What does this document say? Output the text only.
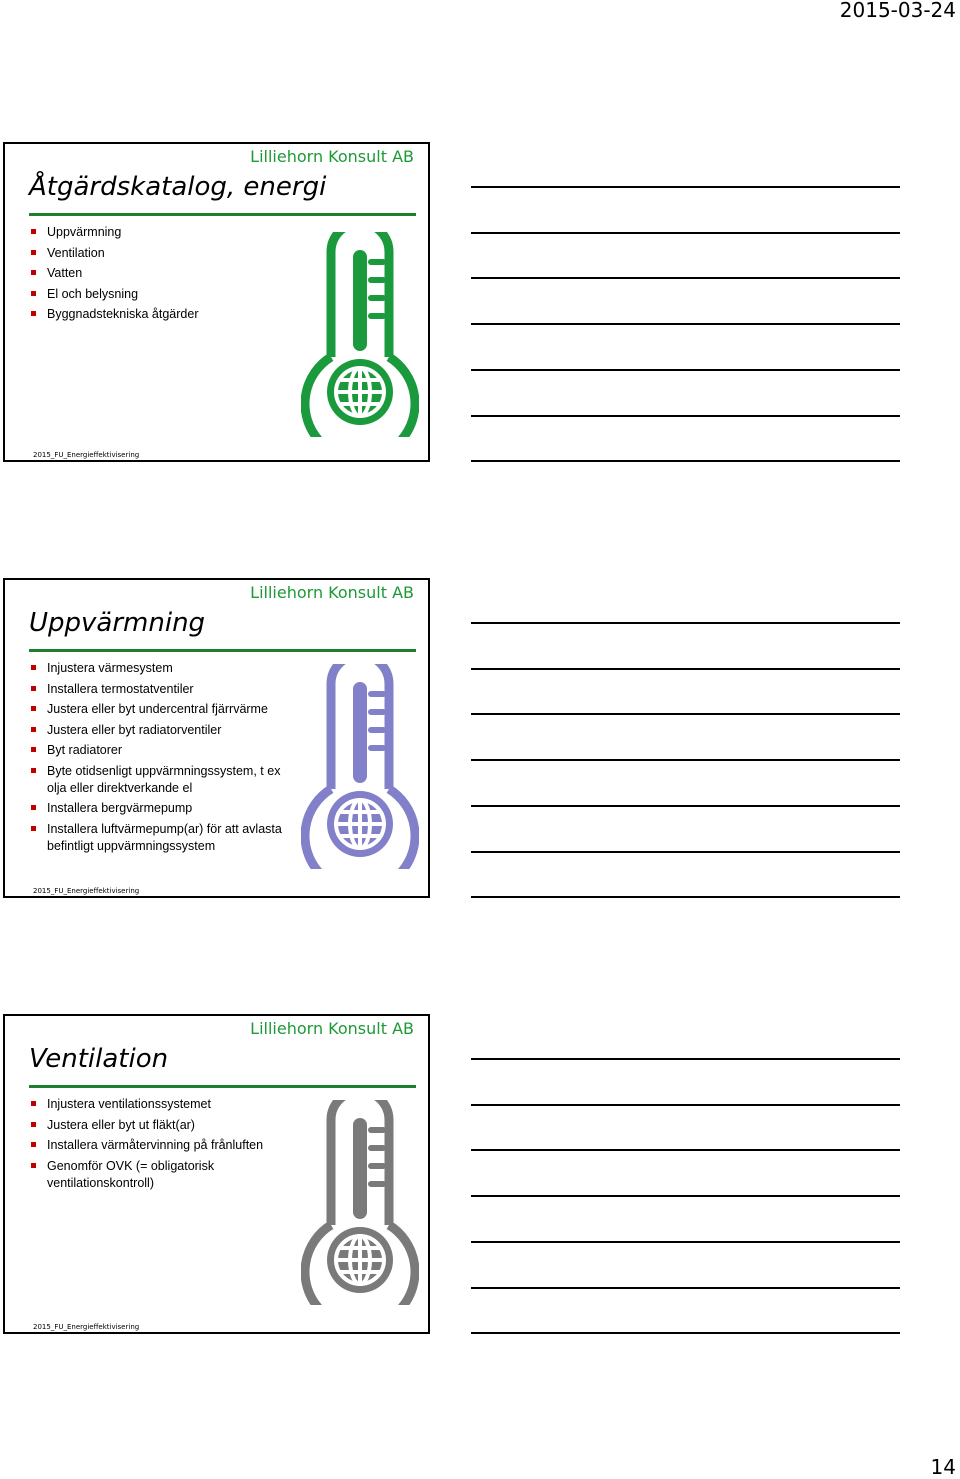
2015-03-24
Lilliehorn Konsult AB
Åtgärdskatalog, energi
Uppvärmning
Ventilation
Vatten
El och belysning
Byggnadstekniska åtgärder
2015_FU_Energieffektivisering
Lilliehorn Konsult AB
Uppvärmning
Injustera värmesystem
Installera termostatventiler
Justera eller byt undercentral fjärrvärme
Justera eller byt radiatorventiler
Byt radiatorer
Byte otidsenligt uppvärmningssystem, t ex olja eller direktverkande el
Installera bergvärmepump
Installera luftvärmepump(ar) för att avlasta befintligt uppvärmningssystem
2015_FU_Energieffektivisering
Lilliehorn Konsult AB
Ventilation
Injustera ventilationssystemet
Justera eller byt ut fläkt(ar)
Installera värmåtervinning på frånluften
Genomför OVK (= obligatorisk ventilationskontroll)
2015_FU_Energieffektivisering
14
